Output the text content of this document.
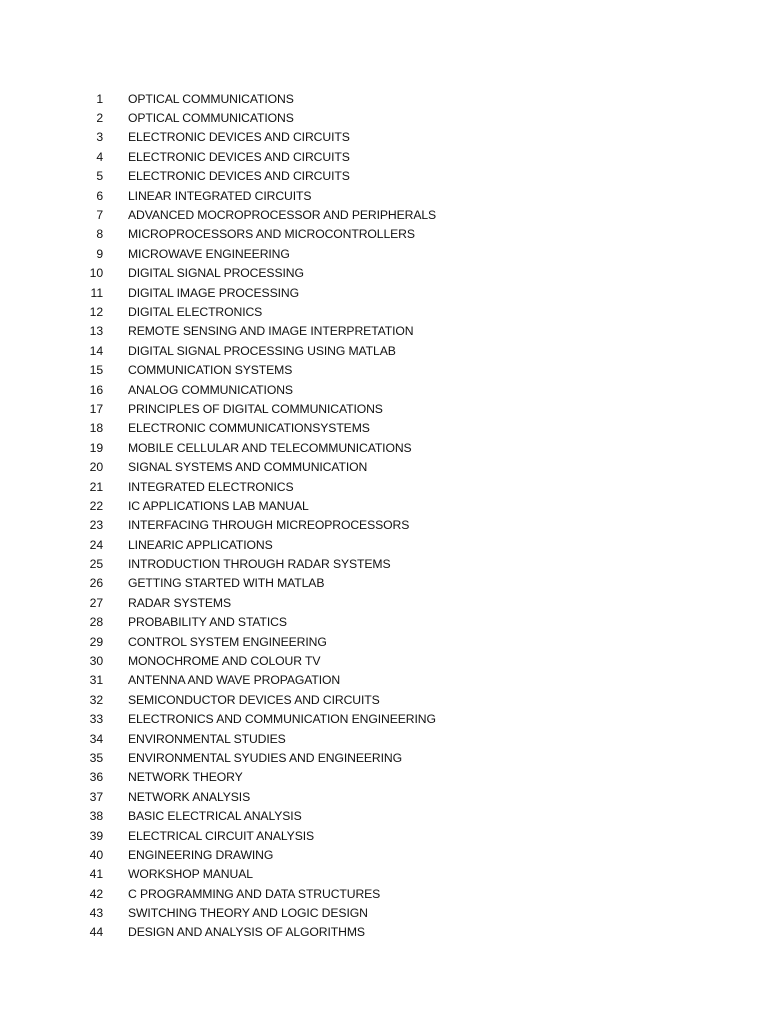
1 OPTICAL COMMUNICATIONS
2 OPTICAL COMMUNICATIONS
3 ELECTRONIC DEVICES AND CIRCUITS
4 ELECTRONIC DEVICES AND CIRCUITS
5 ELECTRONIC DEVICES AND CIRCUITS
6 LINEAR INTEGRATED CIRCUITS
7 ADVANCED MOCROPROCESSOR AND PERIPHERALS
8 MICROPROCESSORS AND MICROCONTROLLERS
9 MICROWAVE ENGINEERING
10 DIGITAL SIGNAL PROCESSING
11 DIGITAL IMAGE PROCESSING
12 DIGITAL ELECTRONICS
13 REMOTE SENSING AND IMAGE INTERPRETATION
14 DIGITAL SIGNAL PROCESSING USING MATLAB
15 COMMUNICATION SYSTEMS
16 ANALOG COMMUNICATIONS
17 PRINCIPLES OF DIGITAL COMMUNICATIONS
18 ELECTRONIC COMMUNICATIONSYSTEMS
19 MOBILE CELLULAR AND TELECOMMUNICATIONS
20 SIGNAL SYSTEMS AND COMMUNICATION
21 INTEGRATED ELECTRONICS
22 IC APPLICATIONS LAB MANUAL
23 INTERFACING THROUGH MICREOPROCESSORS
24 LINEARIC APPLICATIONS
25 INTRODUCTION THROUGH RADAR SYSTEMS
26 GETTING STARTED WITH MATLAB
27 RADAR SYSTEMS
28 PROBABILITY AND STATICS
29 CONTROL SYSTEM ENGINEERING
30 MONOCHROME AND COLOUR TV
31 ANTENNA AND WAVE PROPAGATION
32 SEMICONDUCTOR DEVICES AND CIRCUITS
33 ELECTRONICS AND COMMUNICATION ENGINEERING
34 ENVIRONMENTAL STUDIES
35 ENVIRONMENTAL SYUDIES AND ENGINEERING
36 NETWORK THEORY
37 NETWORK ANALYSIS
38 BASIC ELECTRICAL ANALYSIS
39 ELECTRICAL CIRCUIT ANALYSIS
40 ENGINEERING DRAWING
41 WORKSHOP MANUAL
42 C PROGRAMMING AND DATA STRUCTURES
43 SWITCHING THEORY AND LOGIC DESIGN
44 DESIGN AND ANALYSIS OF ALGORITHMS
